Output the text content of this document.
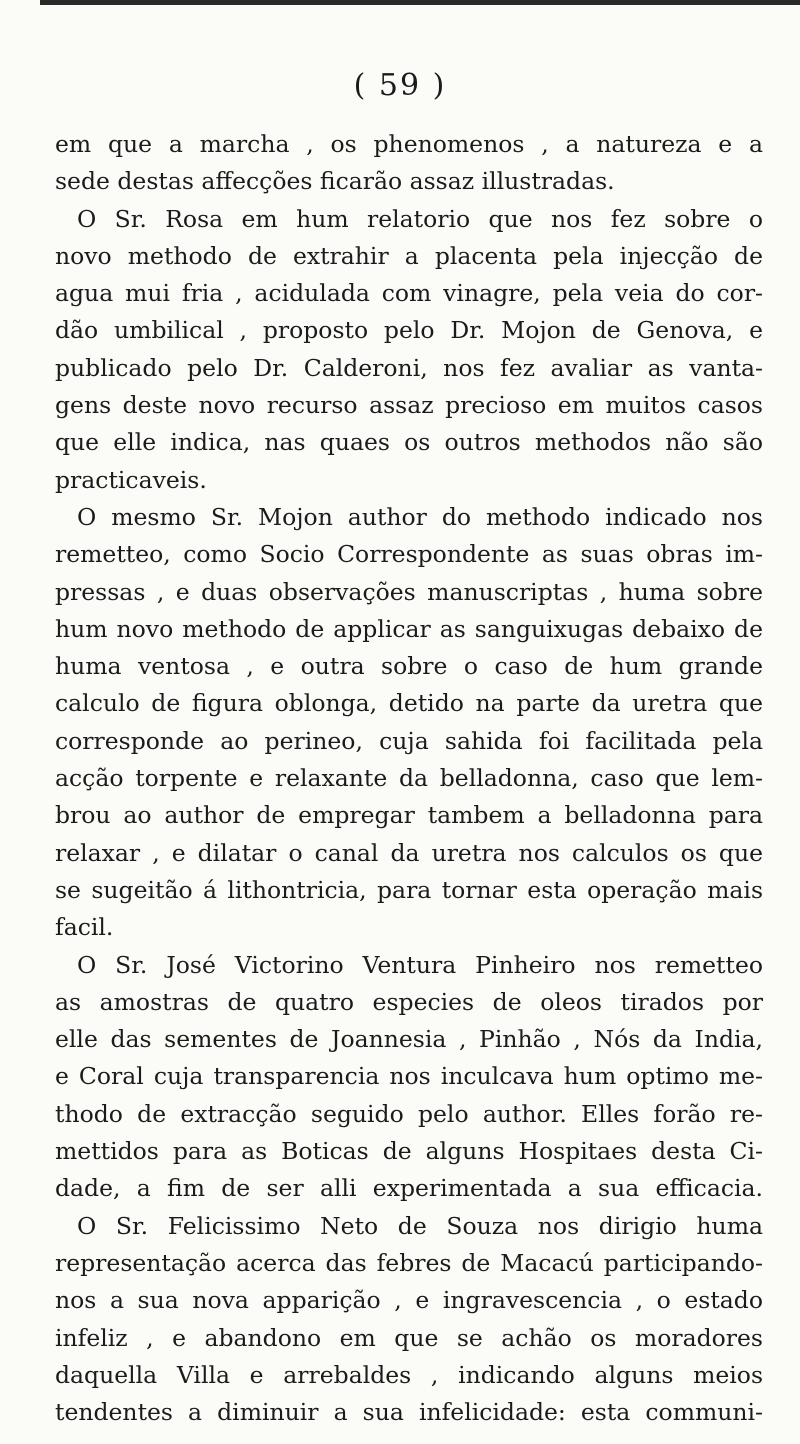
( 59 )
em que a marcha , os phenomenos , a natureza e a
sede destas affecções ficarão assaz illustradas.
O Sr. Rosa em hum relatorio que nos fez sobre o
novo methodo de extrahir a placenta pela injecção de
agua mui fria , acidulada com vinagre, pela veia do cor-
dão umbilical , proposto pelo Dr. Mojon de Genova, e
publicado pelo Dr. Calderoni, nos fez avaliar as vanta-
gens deste novo recurso assaz precioso em muitos casos
que elle indica, nas quaes os outros methodos não são
practicaveis.
O mesmo Sr. Mojon author do methodo indicado nos
remetteo, como Socio Correspondente as suas obras im-
pressas , e duas observações manuscriptas , huma sobre
hum novo methodo de applicar as sanguixugas debaixo de
huma ventosa , e outra sobre o caso de hum grande
calculo de figura oblonga, detido na parte da uretra que
corresponde ao perineo, cuja sahida foi facilitada pela
acção torpente e relaxante da belladonna, caso que lem-
brou ao author de empregar tambem a belladonna para
relaxar , e dilatar o canal da uretra nos calculos os que
se sugeitão á lithontricia, para tornar esta operação mais
facil.
O Sr. José Victorino Ventura Pinheiro nos remetteo
as amostras de quatro especies de oleos tirados por
elle das sementes de Joannesia , Pinhão , Nós da India,
e Coral cuja transparencia nos inculcava hum optimo me-
thodo de extracção seguido pelo author. Elles forão re-
mettidos para as Boticas de alguns Hospitaes desta Ci-
dade, a fim de ser alli experimentada a sua efficacia.
O Sr. Felicissimo Neto de Souza nos dirigio huma
representação acerca das febres de Macacú participando-
nos a sua nova apparição , e ingravescencia , o estado
infeliz , e abandono em que se achão os moradores
daquella Villa e arrebaldes , indicando alguns meios
tendentes a diminuir a sua infelicidade: esta communi-
